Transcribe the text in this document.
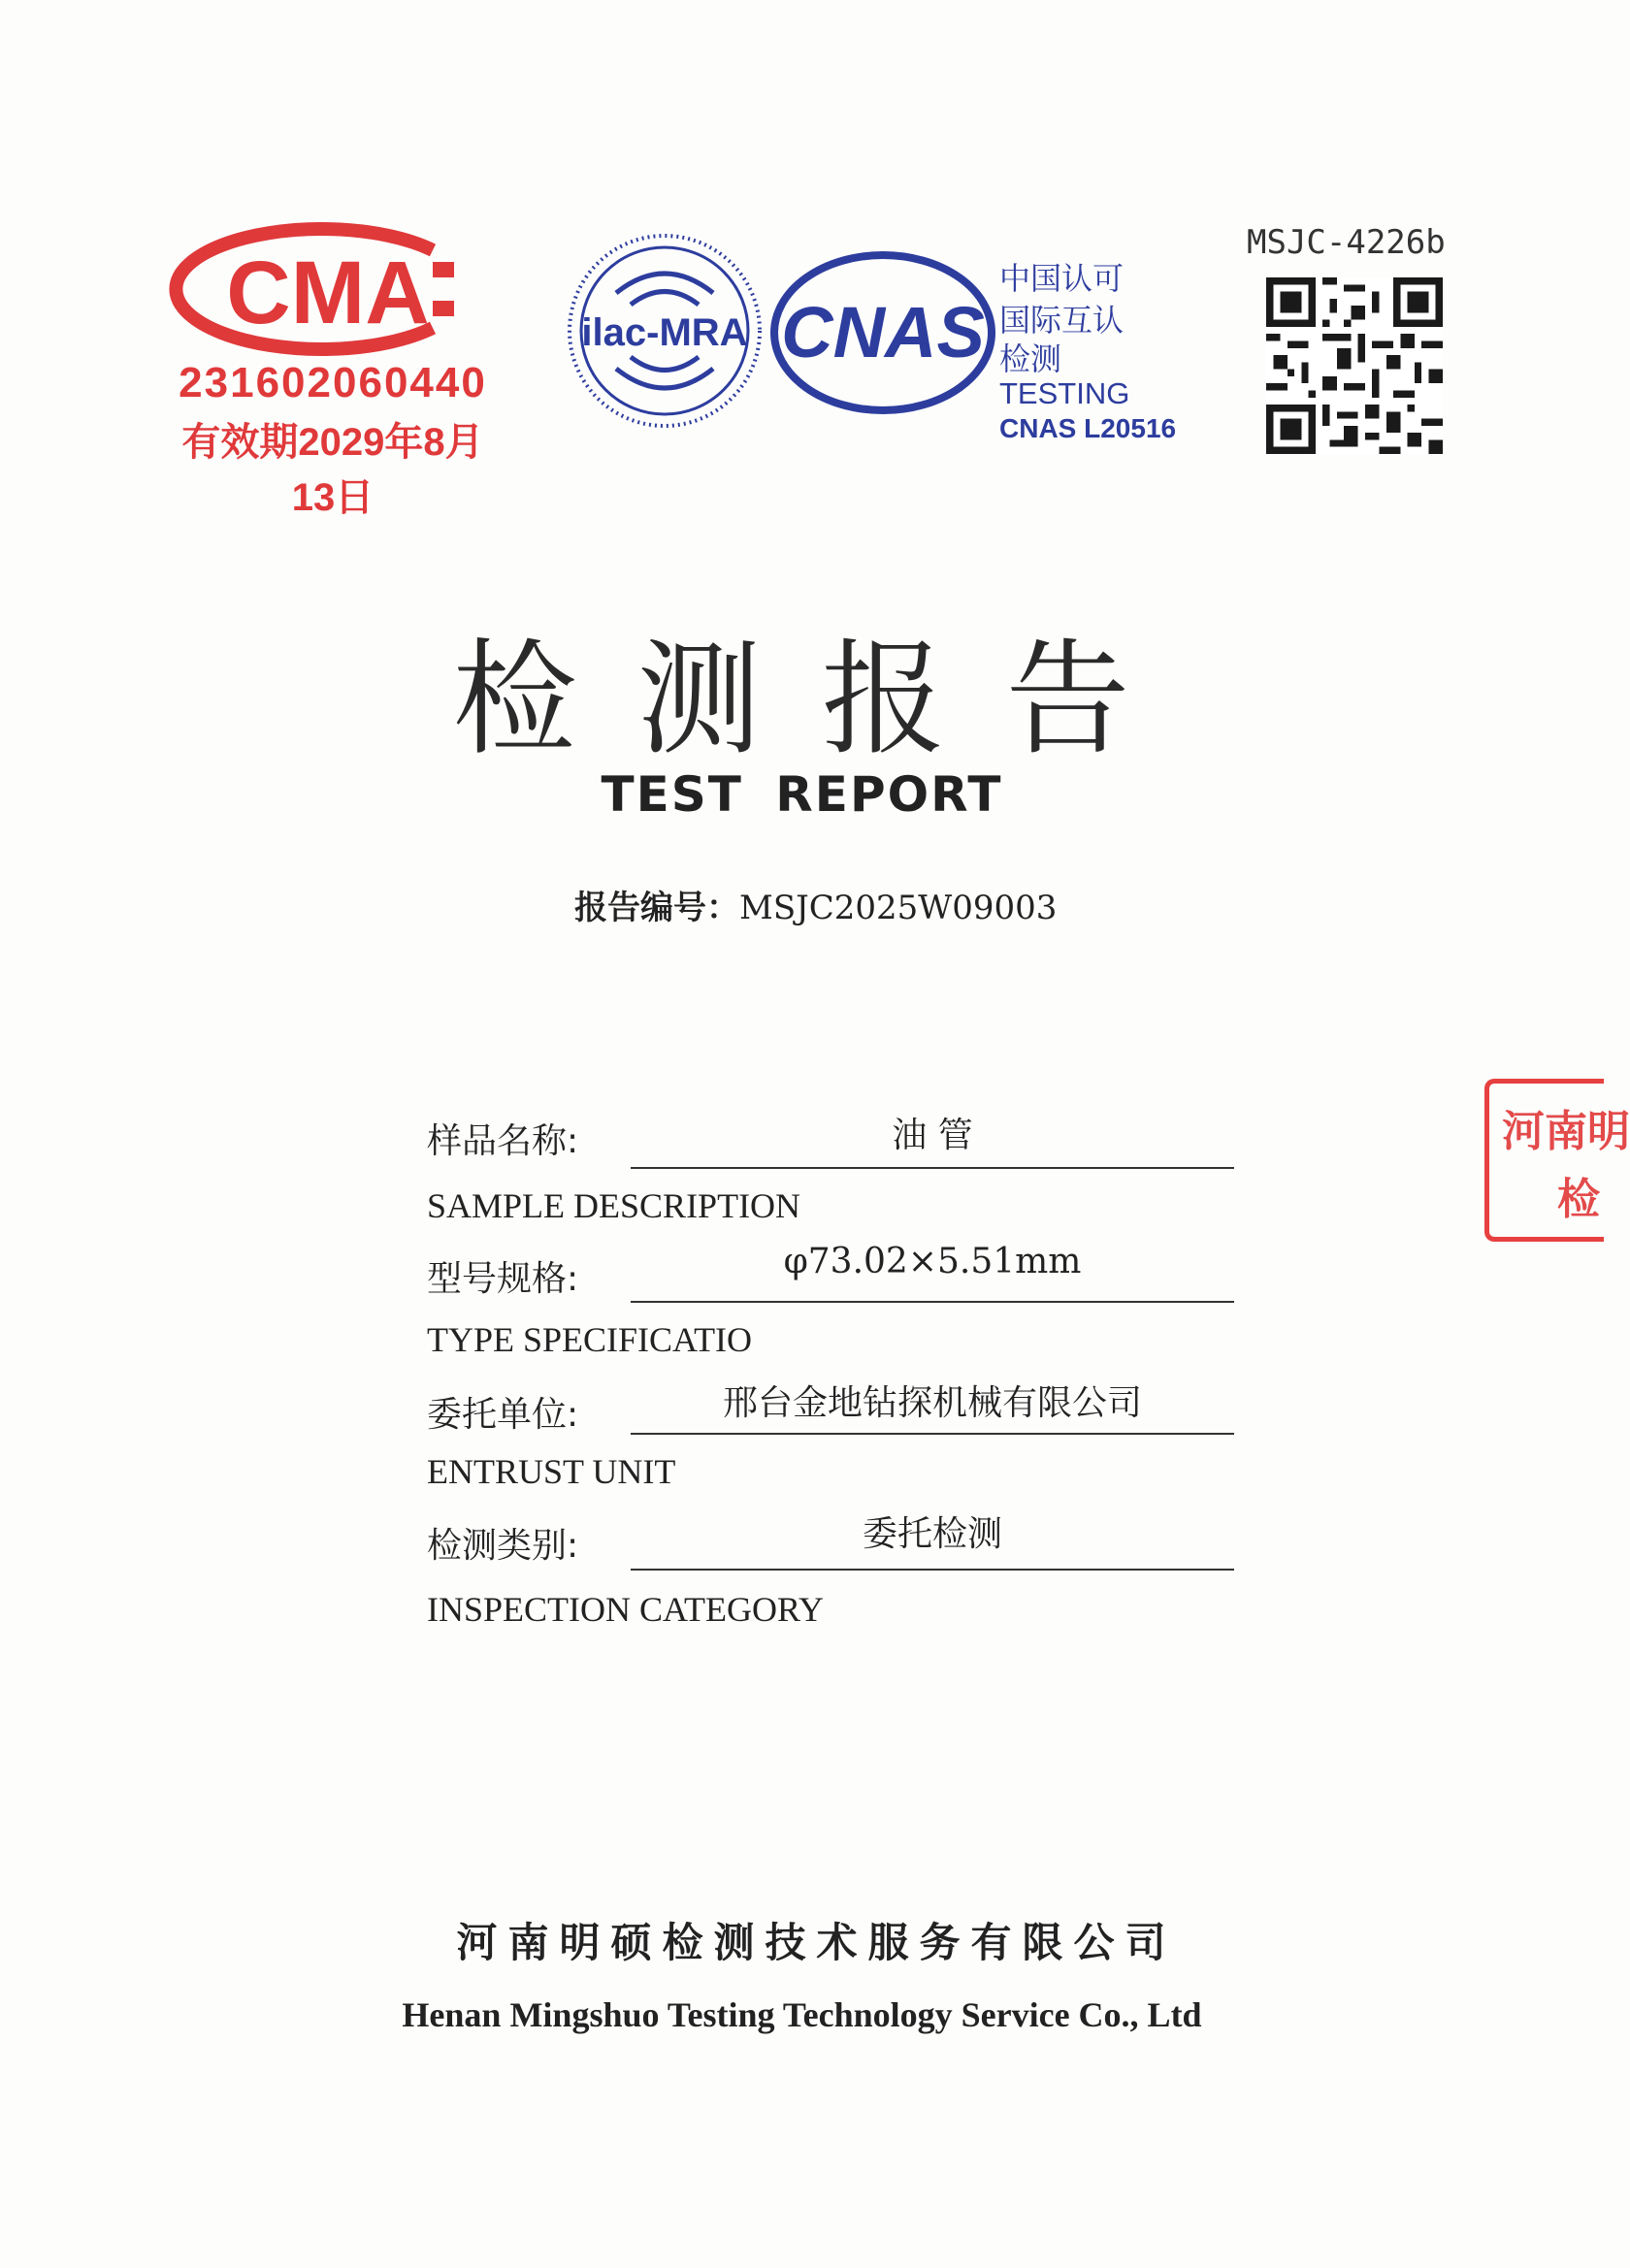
CMA
231602060440
有效期2029年8月13日
ilac-MRA CNAS
中国认可
国际互认
检测
TESTING
CNAS L20516
MSJC-4226b
检测报告
TEST REPORT
报告编号：MSJC2025W09003
样品名称:	油 管
SAMPLE DESCRIPTION
型号规格:	φ73.02×5.51mm
TYPE SPECIFICATIO
委托单位:	邢台金地钻探机械有限公司
ENTRUST UNIT
检测类别:	委托检测
INSPECTION CATEGORY
河南明硕检测技术服务有限公司
Henan Mingshuo Testing Technology Service Co., Ltd
河南明
检
